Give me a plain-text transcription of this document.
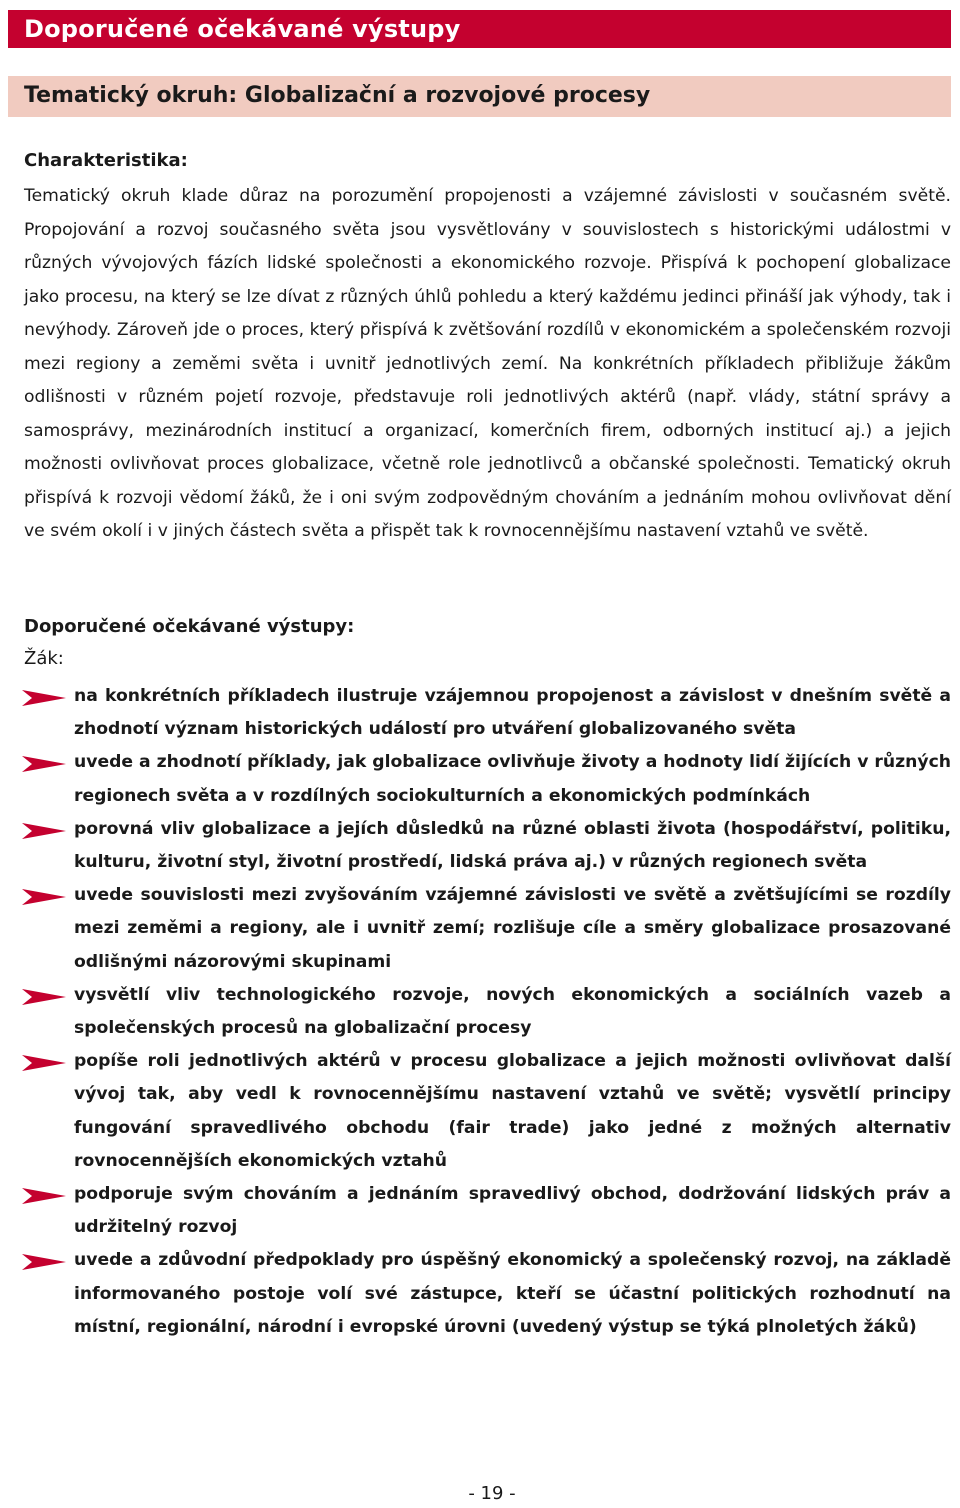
Doporučené očekávané výstupy
Tematický okruh: Globalizační a rozvojové procesy
Charakteristika:

Tematický okruh klade důraz na porozumění propojenosti a vzájemné závislosti v současném světě. Propojování a rozvoj současného světa jsou vysvětlovány v souvislostech s historickými událostmi v různých vývojových fázích lidské společnosti a ekonomického rozvoje. Přispívá k pochopení globalizace jako procesu, na který se lze dívat z různých úhlů pohledu a který každému jedinci přináší jak výhody, tak i nevýhody. Zároveň jde o proces, který přispívá k zvětšování rozdílů v ekonomickém a společenském rozvoji mezi regiony a zeměmi světa i uvnitř jednotlivých zemí. Na konkrétních příkladech přibližuje žákům odlišnosti v různém pojetí rozvoje, představuje roli jednotlivých aktérů (např. vlády, státní správy a samosprávy, mezinárodních institucí a organizací, komerčních firem, odborných institucí aj.) a jejich možnosti ovlivňovat proces globalizace, včetně role jednotlivců a občanské společnosti. Tematický okruh přispívá k rozvoji vědomí žáků, že i oni svým zodpovědným chováním a jednáním mohou ovlivňovat dění ve svém okolí i v jiných částech světa a přispět tak k rovnocennějšímu nastavení vztahů ve světě.

Doporučené očekávané výstupy:
Žák:
na konkrétních příkladech ilustruje vzájemnou propojenost a závislost v dnešním světě a zhodnotí význam historických událostí pro utváření globalizovaného světa
uvede a zhodnotí příklady, jak globalizace ovlivňuje životy a hodnoty lidí žijících v různých regionech světa a v rozdílných sociokulturních a ekonomických podmínkách
porovná vliv globalizace a jejích důsledků na různé oblasti života (hospodářství, politiku, kulturu, životní styl, životní prostředí, lidská práva aj.) v různých regionech světa
uvede souvislosti mezi zvyšováním vzájemné závislosti ve světě a zvětšujícími se rozdíly mezi zeměmi a regiony, ale i uvnitř zemí; rozlišuje cíle a směry globalizace prosazované odlišnými názorovými skupinami
vysvětlí vliv technologického rozvoje, nových ekonomických a sociálních vazeb a společenských procesů na globalizační procesy
popíše roli jednotlivých aktérů v procesu globalizace a jejich možnosti ovlivňovat další vývoj tak, aby vedl k rovnocennějšímu nastavení vztahů ve světě; vysvětlí principy fungování spravedlivého obchodu (fair trade) jako jedné z možných alternativ rovnocennějších ekonomických vztahů
podporuje svým chováním a jednáním spravedlivý obchod, dodržování lidských práv a udržitelný rozvoj
uvede a zdůvodní předpoklady pro úspěšný ekonomický a společenský rozvoj, na základě informovaného postoje volí své zástupce, kteří se účastní politických rozhodnutí na místní, regionální, národní i evropské úrovni (uvedený výstup se týká plnoletých žáků)
- 19 -
